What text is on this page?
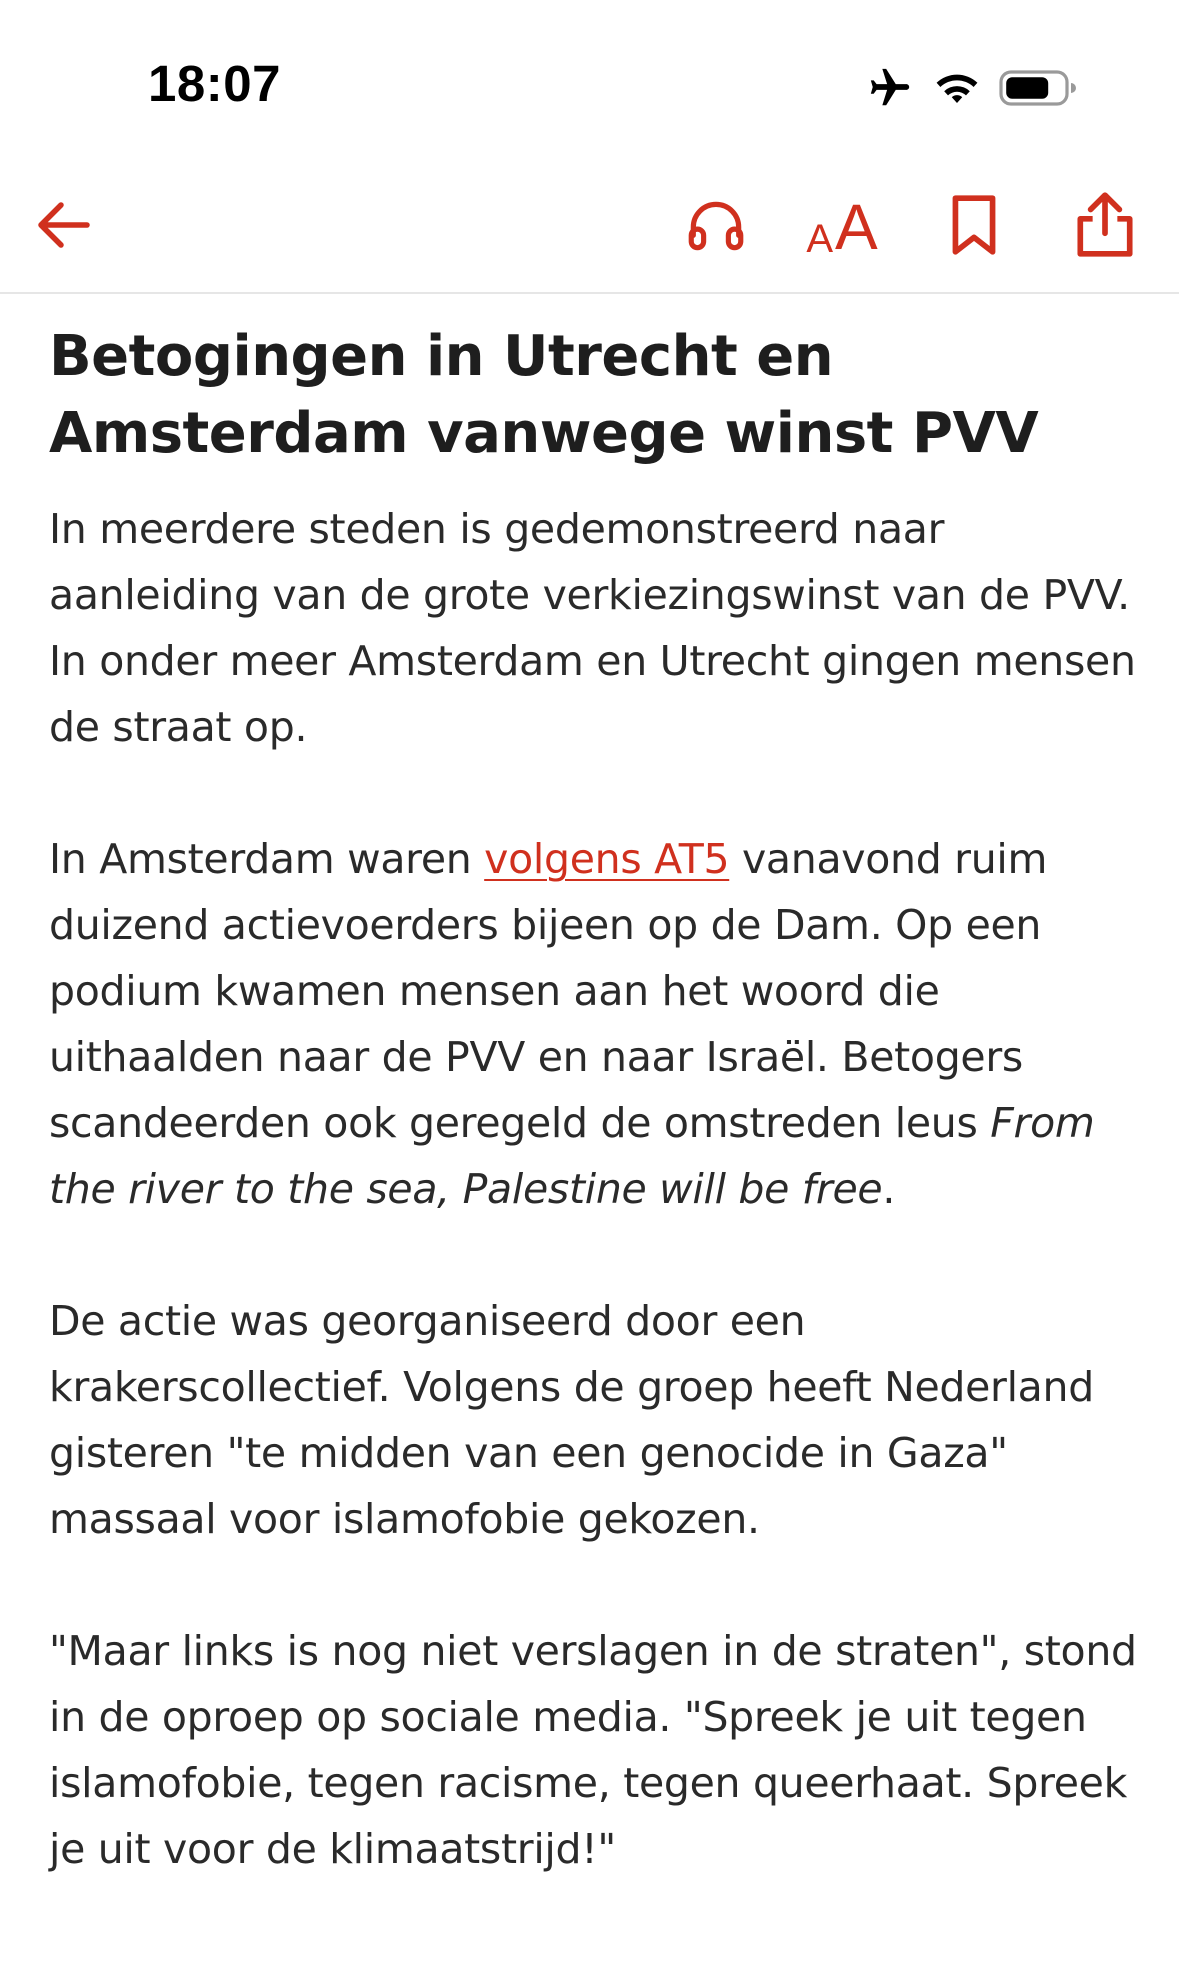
18:07
A A
Betogingen in Utrecht en Amsterdam vanwege winst PVV

In meerdere steden is gedemonstreerd naar aanleiding van de grote verkiezingswinst van de PVV. In onder meer Amsterdam en Utrecht gingen mensen de straat op.

In Amsterdam waren volgens AT5 vanavond ruim duizend actievoerders bijeen op de Dam. Op een podium kwamen mensen aan het woord die uithaalden naar de PVV en naar Israël. Betogers scandeerden ook geregeld de omstreden leus From the river to the sea, Palestine will be free.

De actie was georganiseerd door een krakerscollectief. Volgens de groep heeft Nederland gisteren "te midden van een genocide in Gaza" massaal voor islamofobie gekozen.

"Maar links is nog niet verslagen in de straten", stond in de oproep op sociale media. "Spreek je uit tegen islamofobie, tegen racisme, tegen queerhaat. Spreek je uit voor de klimaatstrijd!"
